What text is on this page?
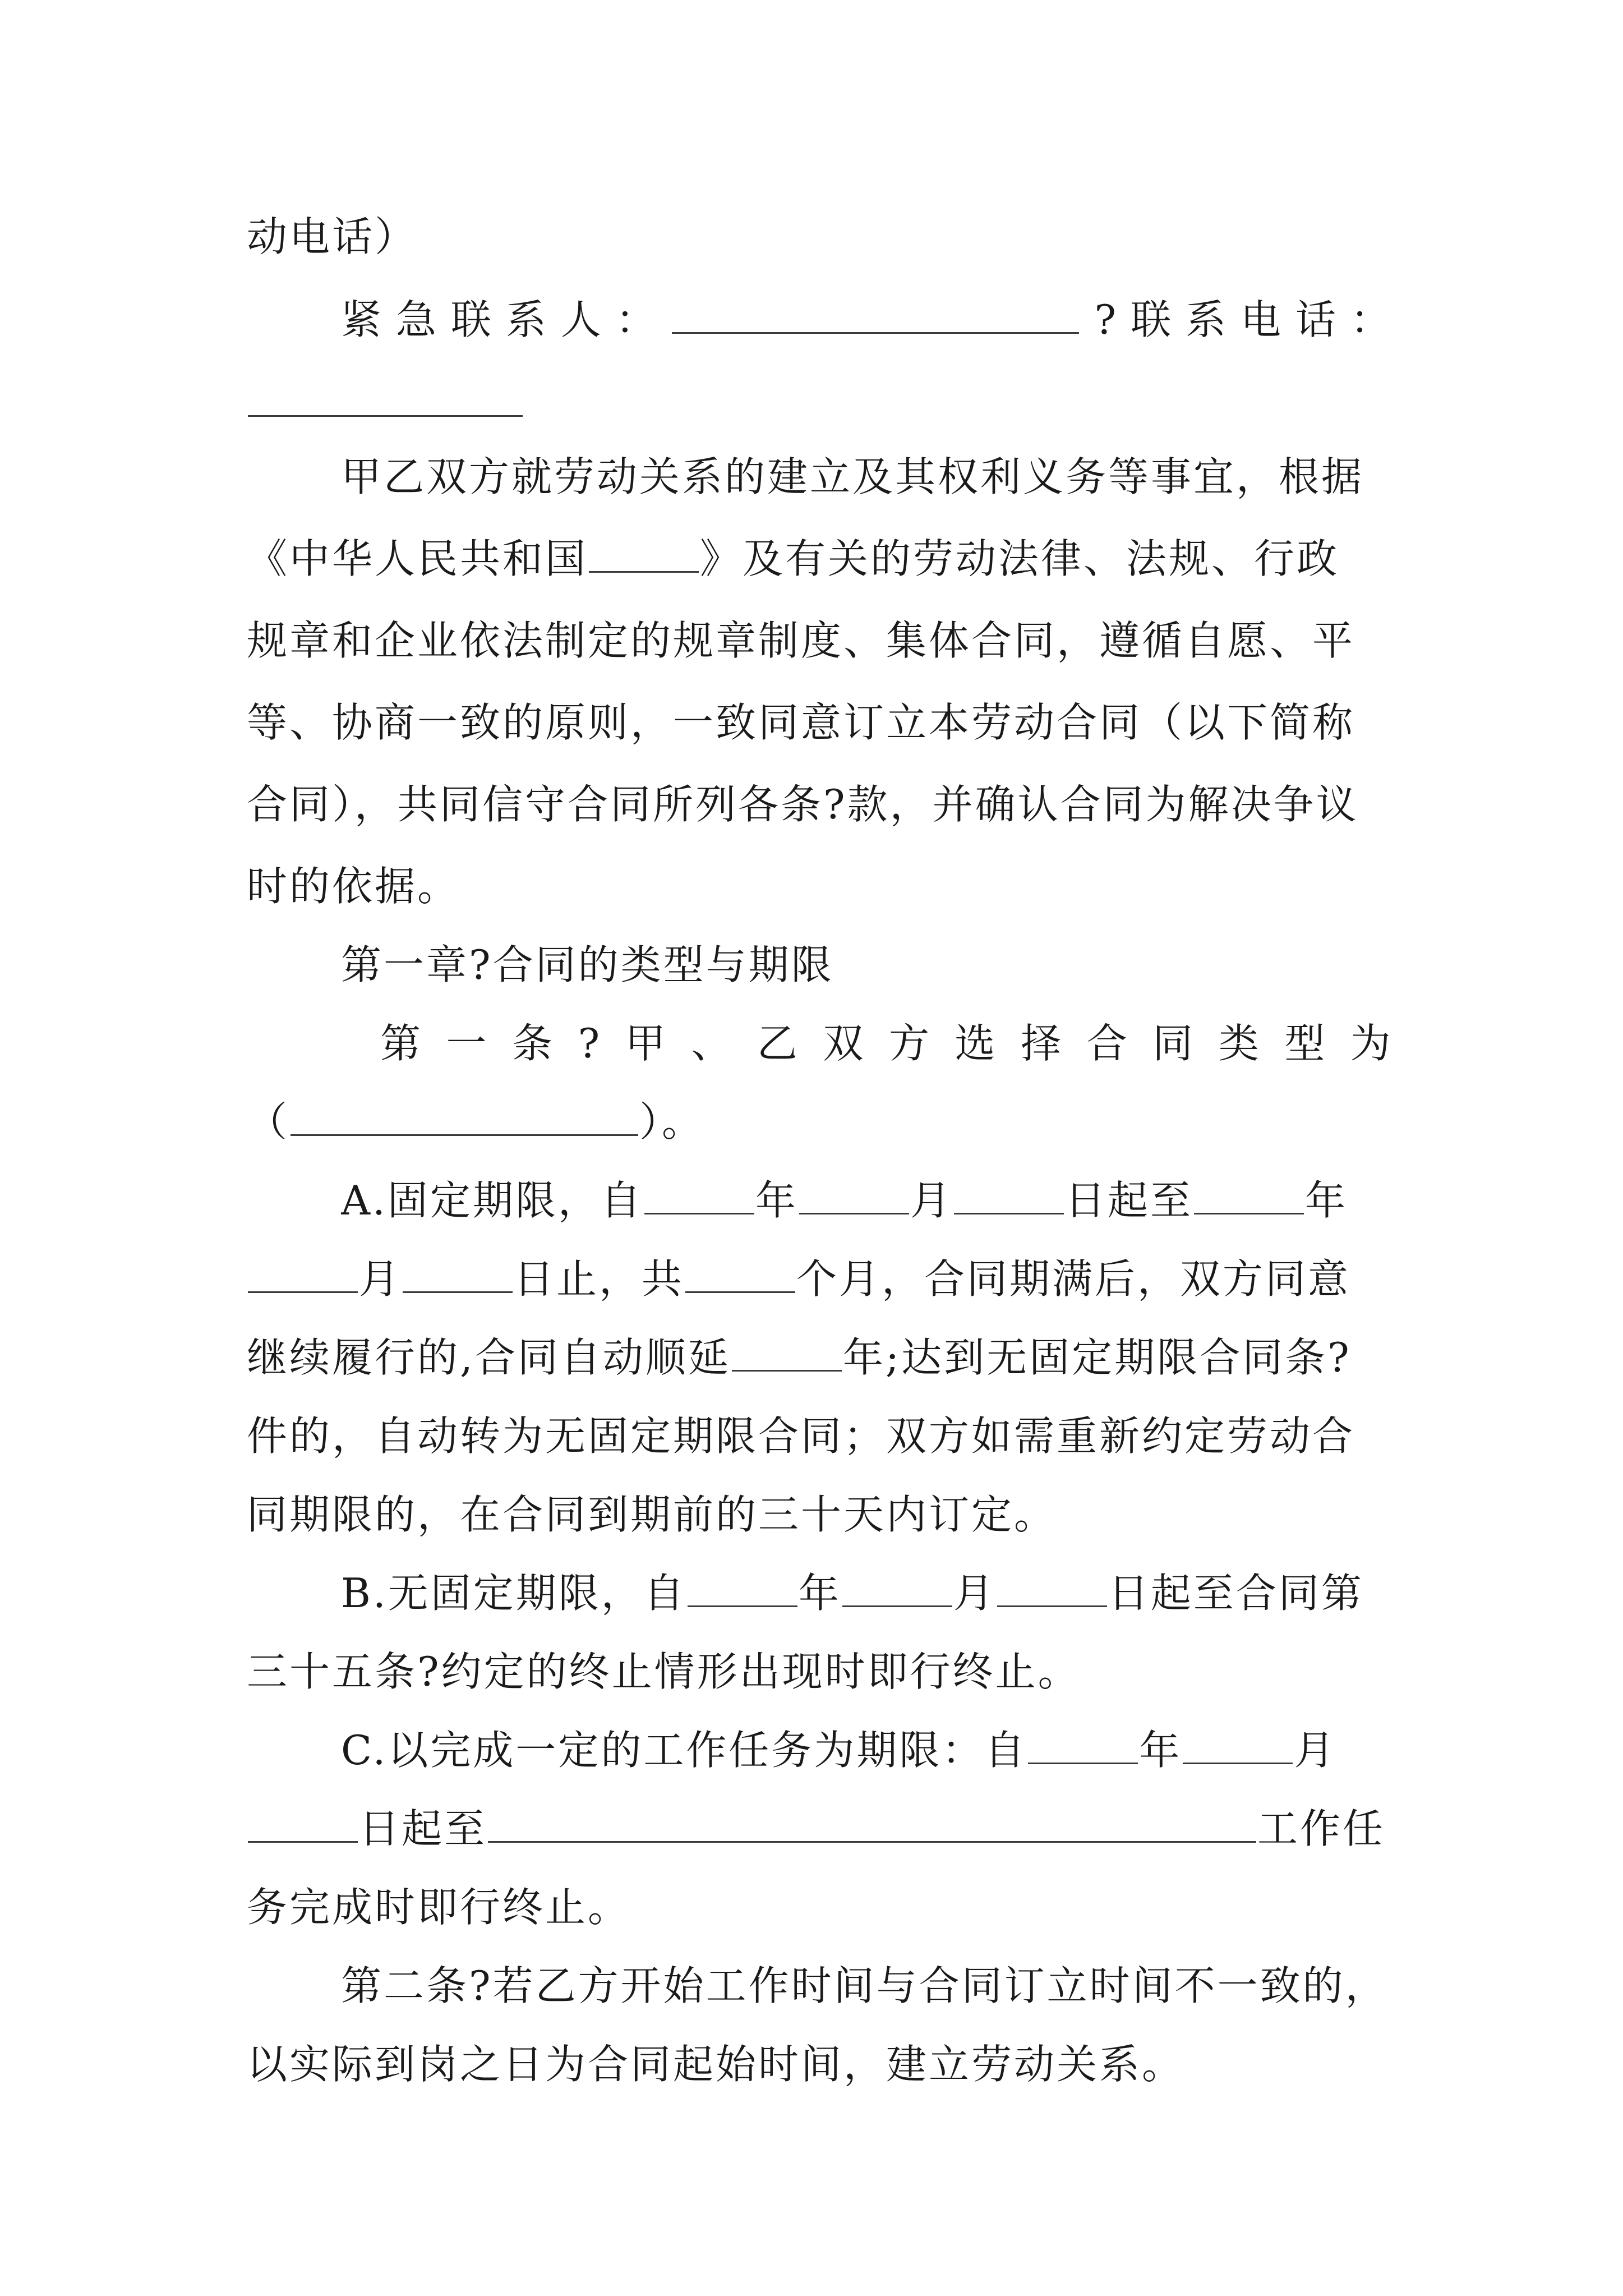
动电话）
紧 急 联 系 人 ：	? 联 系 电 话 ：
甲乙双方就劳动关系的建立及其权利义务等事宜，根据
《中华人民共和国	》及有关的劳动法律、法规、行政
规章和企业依法制定的规章制度、集体合同，遵循自愿、平
等、协商一致的原则，一致同意订立本劳动合同（以下简称
合同），共同信守合同所列各条?款，并确认合同为解决争议
时的依据。
第一章?合同的类型与期限
第 一 条 ? 甲 、 乙 双 方 选 择 合 同 类 型 为
（	）。
A.固定期限，自	年	月	日起至	年
月	日止，共	个月，合同期满后，双方同意
继续履行的,合同自动顺延	年;达到无固定期限合同条?
件的，自动转为无固定期限合同；双方如需重新约定劳动合
同期限的，在合同到期前的三十天内订定。
B.无固定期限，自	年	月	日起至合同第
三十五条?约定的终止情形出现时即行终止。
C.以完成一定的工作任务为期限：自	年	月
日起至	工作任
务完成时即行终止。
第二条?若乙方开始工作时间与合同订立时间不一致的，
以实际到岗之日为合同起始时间，建立劳动关系。
